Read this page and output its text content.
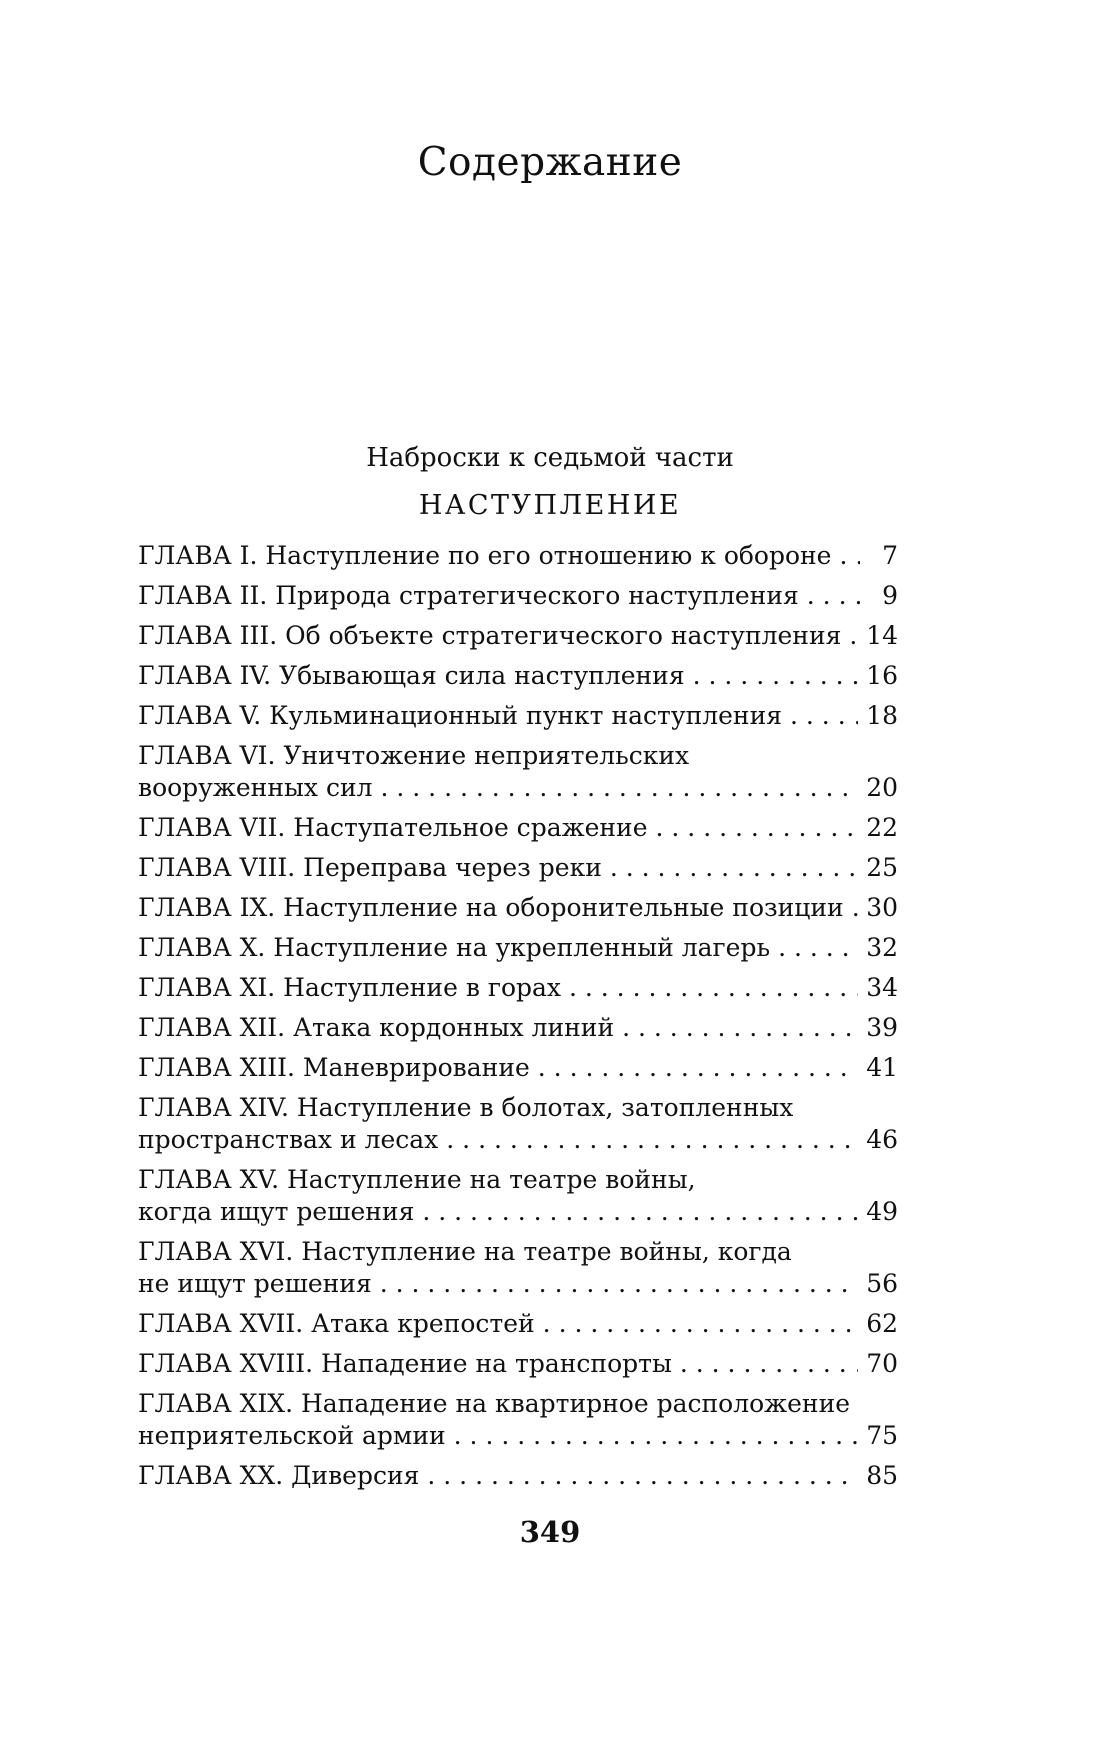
Содержание
Наброски к седьмой части
НАСТУПЛЕНИЕ
ГЛАВА I. Наступление по его отношению к обороне . . .	7
ГЛАВА II. Природа стратегического наступления . . .	9
ГЛАВА III. Об объекте стратегического наступления . . . 14
ГЛАВА IV. Убывающая сила наступления . . .	16
ГЛАВА V. Кульминационный пункт наступления . . .	18
ГЛАВА VI. Уничтожение неприятельских
вооруженных сил . . .	20
ГЛАВА VII. Наступательное сражение . . .	22
ГЛАВА VIII. Переправа через реки . . .	25
ГЛАВА IX. Наступление на оборонительные позиции . . . 30
ГЛАВА X. Наступление на укрепленный лагерь . . .	32
ГЛАВА XI. Наступление в горах . . .	34
ГЛАВА XII. Атака кордонных линий . . .	39
ГЛАВА XIII. Маневрирование . . .	41
ГЛАВА XIV. Наступление в болотах, затопленных
пространствах и лесах . . .	46
ГЛАВА XV. Наступление на театре войны,
когда ищут решения . . .	49
ГЛАВА XVI. Наступление на театре войны, когда
не ищут решения . . .	56
ГЛАВА XVII. Атака крепостей . . .	62
ГЛАВА XVIII. Нападение на транспорты . . .	70
ГЛАВА XIX. Нападение на квартирное расположение
неприятельской армии . . .	75
ГЛАВА XX. Диверсия . . .	85
349
